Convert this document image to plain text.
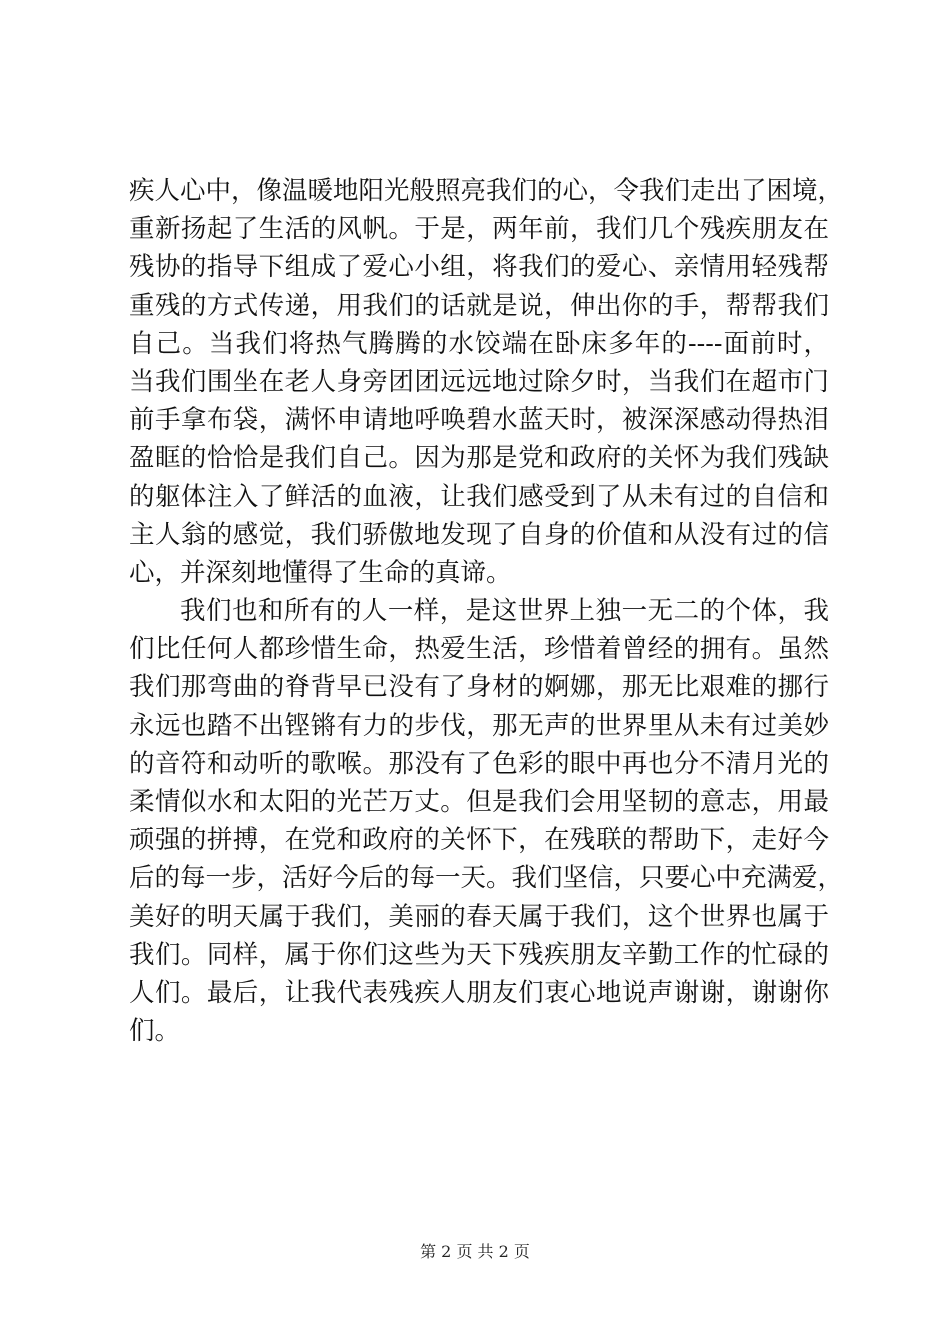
疾人心中，像温暖地阳光般照亮我们的心，令我们走出了困境，
重新扬起了生活的风帆。于是，两年前，我们几个残疾朋友在
残协的指导下组成了爱心小组，将我们的爱心、亲情用轻残帮
重残的方式传递，用我们的话就是说，伸出你的手，帮帮我们
自己。当我们将热气腾腾的水饺端在卧床多年的----面前时，
当我们围坐在老人身旁团团远远地过除夕时，当我们在超市门
前手拿布袋，满怀申请地呼唤碧水蓝天时，被深深感动得热泪
盈眶的恰恰是我们自己。因为那是党和政府的关怀为我们残缺
的躯体注入了鲜活的血液，让我们感受到了从未有过的自信和
主人翁的感觉，我们骄傲地发现了自身的价值和从没有过的信
心，并深刻地懂得了生命的真谛。
我们也和所有的人一样，是这世界上独一无二的个体，我
们比任何人都珍惜生命，热爱生活，珍惜着曾经的拥有。虽然
我们那弯曲的脊背早已没有了身材的婀娜，那无比艰难的挪行
永远也踏不出铿锵有力的步伐，那无声的世界里从未有过美妙
的音符和动听的歌喉。那没有了色彩的眼中再也分不清月光的
柔情似水和太阳的光芒万丈。但是我们会用坚韧的意志，用最
顽强的拼搏，在党和政府的关怀下，在残联的帮助下，走好今
后的每一步，活好今后的每一天。我们坚信，只要心中充满爱，
美好的明天属于我们，美丽的春天属于我们，这个世界也属于
我们。同样，属于你们这些为天下残疾朋友辛勤工作的忙碌的
人们。最后，让我代表残疾人朋友们衷心地说声谢谢，谢谢你
们。
第 2 页 共 2 页
